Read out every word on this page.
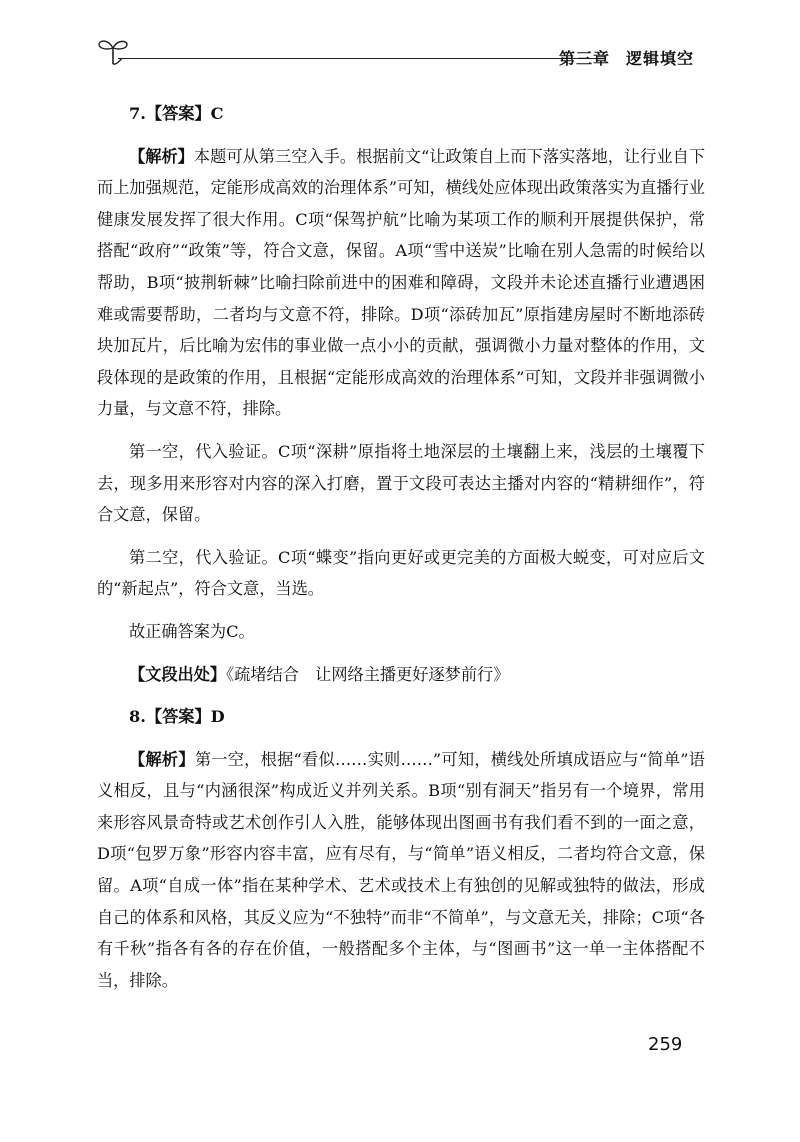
第三章 逻辑填空

7.【答案】C

【解析】本题可从第三空入手。根据前文“让政策自上而下落实落地，让行业自下而上加强规范，定能形成高效的治理体系”可知，横线处应体现出政策落实为直播行业健康发展发挥了很大作用。C项“保驾护航”比喻为某项工作的顺利开展提供保护，常搭配“政府”“政策”等，符合文意，保留。A项“雪中送炭”比喻在别人急需的时候给以帮助，B项“披荆斩棘”比喻扫除前进中的困难和障碍，文段并未论述直播行业遭遇困难或需要帮助，二者均与文意不符，排除。D项“添砖加瓦”原指建房屋时不断地添砖块加瓦片，后比喻为宏伟的事业做一点小小的贡献，强调微小力量对整体的作用，文段体现的是政策的作用，且根据“定能形成高效的治理体系”可知，文段并非强调微小力量，与文意不符，排除。

第一空，代入验证。C项“深耕”原指将土地深层的土壤翻上来，浅层的土壤覆下去，现多用来形容对内容的深入打磨，置于文段可表达主播对内容的“精耕细作”，符合文意，保留。

第二空，代入验证。C项“蝶变”指向更好或更完美的方面极大蜕变，可对应后文的“新起点”，符合文意，当选。

故正确答案为C。

【文段出处】《疏堵结合　让网络主播更好逐梦前行》

8.【答案】D

【解析】第一空，根据“看似……实则……”可知，横线处所填成语应与“简单”语义相反，且与“内涵很深”构成近义并列关系。B项“别有洞天”指另有一个境界，常用来形容风景奇特或艺术创作引人入胜，能够体现出图画书有我们看不到的一面之意，D项“包罗万象”形容内容丰富，应有尽有，与“简单”语义相反，二者均符合文意，保留。A项“自成一体”指在某种学术、艺术或技术上有独创的见解或独特的做法，形成自己的体系和风格，其反义应为“不独特”而非“不简单”，与文意无关，排除；C项“各有千秋”指各有各的存在价值，一般搭配多个主体，与“图画书”这一单一主体搭配不当，排除。

259
